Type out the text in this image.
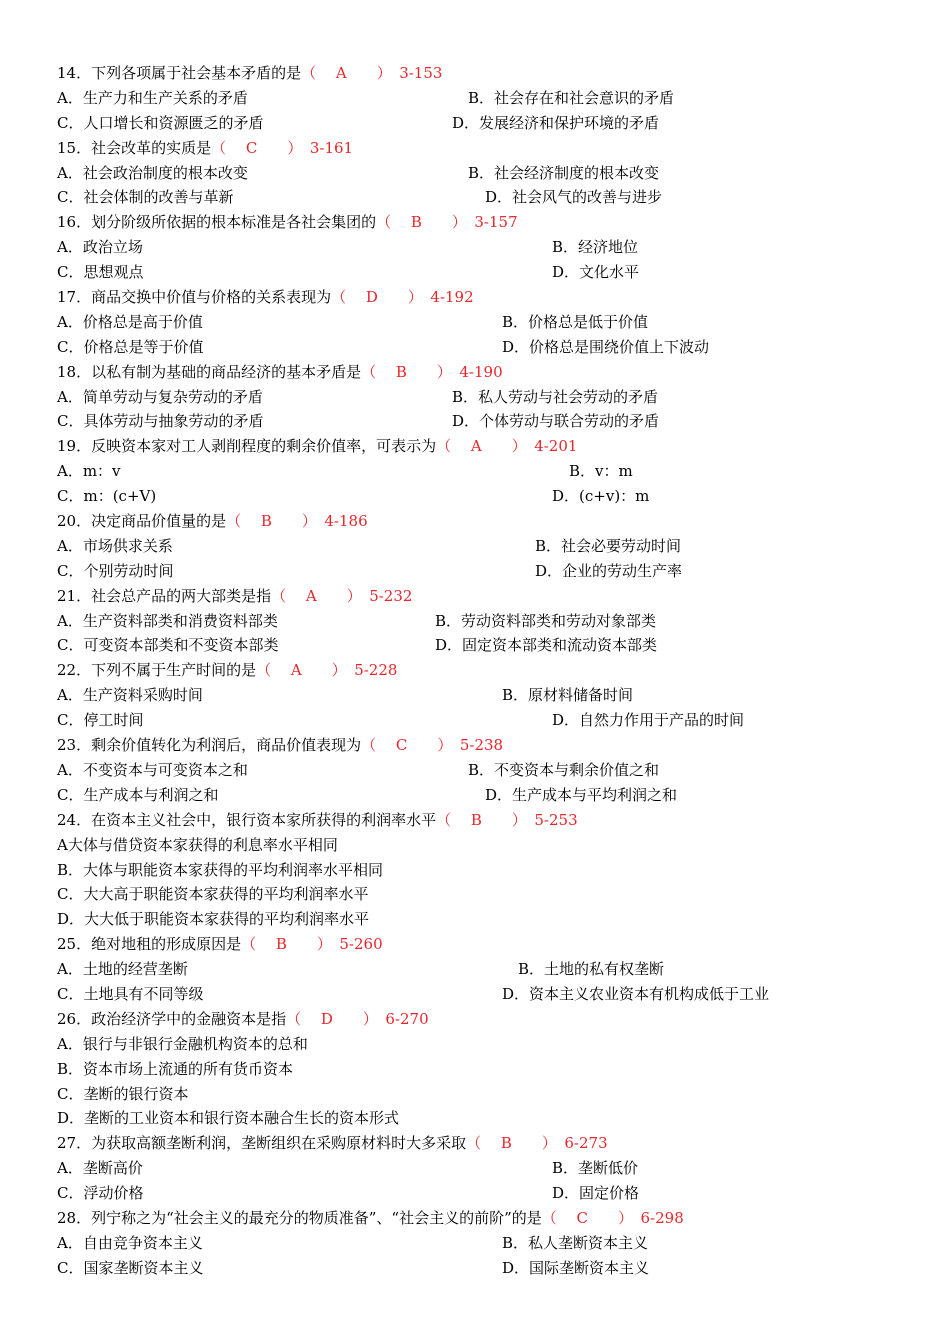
14．下列各项属于社会基本矛盾的是（　 A　　）　3-153
A．生产力和生产关系的矛盾	B．社会存在和社会意识的矛盾
C．人口增长和资源匮乏的矛盾	D．发展经济和保护环境的矛盾
15．社会改革的实质是（　 C　　）　3-161
A．社会政治制度的根本改变	B．社会经济制度的根本改变
C．社会体制的改善与革新	D．社会风气的改善与进步
16．划分阶级所依据的根本标准是各社会集团的（　 B　　）　3-157
A．政治立场	B．经济地位
C．思想观点	D．文化水平
17．商品交换中价值与价格的关系表现为（　 D　　）　4-192
A．价格总是高于价值	B．价格总是低于价值
C．价格总是等于价值	D．价格总是围绕价值上下波动
18．以私有制为基础的商品经济的基本矛盾是（　 B　　）　4-190
A．简单劳动与复杂劳动的矛盾	B．私人劳动与社会劳动的矛盾
C．具体劳动与抽象劳动的矛盾	D．个体劳动与联合劳动的矛盾
19．反映资本家对工人剥削程度的剩余价值率，可表示为（　 A　　）　4-201
A．m：v	B．v：m
C．m：(c+V)	D．(c+v)：m
20．决定商品价值量的是（　 B　　）　4-186
A．市场供求关系	B．社会必要劳动时间
C．个别劳动时间	D．企业的劳动生产率
21．社会总产品的两大部类是指（　 A　　）　5-232
A．生产资料部类和消费资料部类	B．劳动资料部类和劳动对象部类
C．可变资本部类和不变资本部类	D．固定资本部类和流动资本部类
22．下列不属于生产时间的是（　 A　　）　5-228
A．生产资料采购时间	B．原材料储备时间
C．停工时间	D．自然力作用于产品的时间
23．剩余价值转化为利润后，商品价值表现为（　 C　　）　5-238
A．不变资本与可变资本之和	B．不变资本与剩余价值之和
C．生产成本与利润之和	D．生产成本与平均利润之和
24．在资本主义社会中，银行资本家所获得的利润率水平（　 B　　）　5-253
A大体与借贷资本家获得的利息率水平相同
B．大体与职能资本家获得的平均利润率水平相同
C．大大高于职能资本家获得的平均利润率水平
D．大大低于职能资本家获得的平均利润率水平
25．绝对地租的形成原因是（　 B　　）　5-260
A．土地的经营垄断	B．土地的私有权垄断
C．土地具有不同等级	D．资本主义农业资本有机构成低于工业
26．政治经济学中的金融资本是指（　 D　　）　6-270
A．银行与非银行金融机构资本的总和
B．资本市场上流通的所有货币资本
C．垄断的银行资本
D．垄断的工业资本和银行资本融合生长的资本形式
27．为获取高额垄断利润，垄断组织在采购原材料时大多采取（　 B　　）　6-273
A．垄断高价	B．垄断低价
C．浮动价格	D．固定价格
28．列宁称之为“社会主义的最充分的物质准备”、“社会主义的前阶”的是（　 C　　）　6-298
A．自由竞争资本主义	B．私人垄断资本主义
C．国家垄断资本主义	D．国际垄断资本主义
